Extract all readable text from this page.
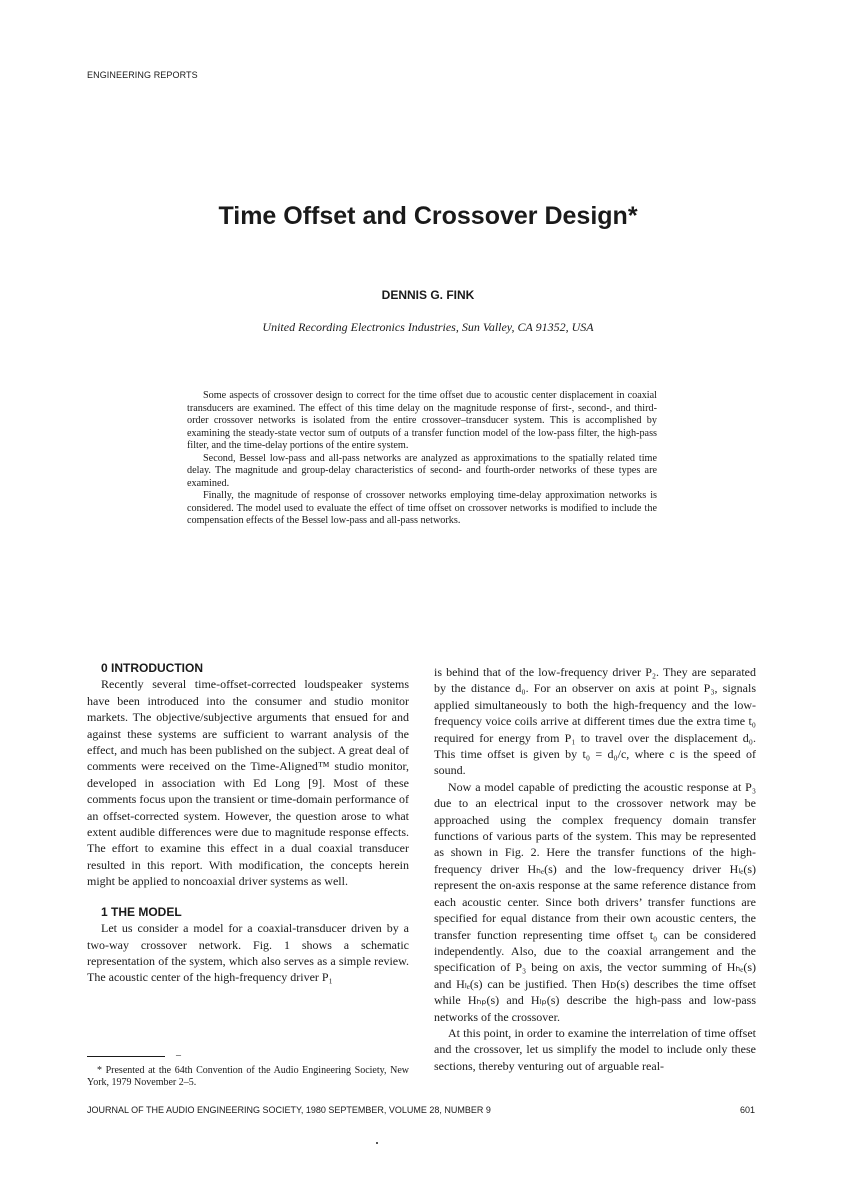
ENGINEERING REPORTS
Time Offset and Crossover Design*
DENNIS G. FINK
United Recording Electronics Industries, Sun Valley, CA 91352, USA

Some aspects of crossover design to correct for the time offset due to acoustic center displacement in coaxial transducers are examined. The effect of this time delay on the magnitude response of first-, second-, and third-order crossover networks is isolated from the entire crossover–transducer system. This is accomplished by examining the steady-state vector sum of outputs of a transfer function model of the low-pass filter, the high-pass filter, and the time-delay portions of the entire system.

Second, Bessel low-pass and all-pass networks are analyzed as approximations to the spatially related time delay. The magnitude and group-delay characteristics of second- and fourth-order networks of these types are examined.

Finally, the magnitude of response of crossover networks employing time-delay approximation networks is considered. The model used to evaluate the effect of time offset on crossover networks is modified to include the compensation effects of the Bessel low-pass and all-pass networks.

0 INTRODUCTION

Recently several time-offset-corrected loudspeaker systems have been introduced into the consumer and studio monitor markets. The objective/subjective arguments that ensued for and against these systems are sufficient to warrant analysis of the effect, and much has been published on the subject. A great deal of comments were received on the Time-Aligned™ studio monitor, developed in association with Ed Long [9]. Most of these comments focus upon the transient or time-domain performance of an offset-corrected system. However, the question arose to what extent audible differences were due to magnitude response effects. The effort to examine this effect in a dual coaxial transducer resulted in this report. With modification, the concepts herein might be applied to noncoaxial driver systems as well.

1 THE MODEL

Let us consider a model for a coaxial-transducer driven by a two-way crossover network. Fig. 1 shows a schematic representation of the system, which also serves as a simple review. The acoustic center of the high-frequency driver P₁

is behind that of the low-frequency driver P₂. They are separated by the distance d₀. For an observer on axis at point P₃, signals applied simultaneously to both the high-frequency and the low-frequency voice coils arrive at different times due the extra time t₀ required for energy from P₁ to travel over the displacement d₀. This time offset is given by t₀ = d₀/c, where c is the speed of sound.

Now a model capable of predicting the acoustic response at P₃ due to an electrical input to the crossover network may be approached using the complex frequency domain transfer functions of various parts of the system. This may be represented as shown in Fig. 2. Here the transfer functions of the high-frequency driver Hₕₑ(s) and the low-frequency driver Hₗₑ(s) represent the on-axis response at the same reference distance from each acoustic center. Since both drivers’ transfer functions are specified for equal distance from their own acoustic centers, the transfer function representing time offset t₀ can be considered independently. Also, due to the coaxial arrangement and the specification of P₃ being on axis, the vector summing of Hₕₑ(s) and Hₗₑ(s) can be justified. Then Hᴅ(s) describes the time offset while Hₕₚ(s) and Hₗₚ(s) describe the high-pass and low-pass networks of the crossover.

At this point, in order to examine the interrelation of time offset and the crossover, let us simplify the model to include only these sections, thereby venturing out of arguable real-

–
* Presented at the 64th Convention of the Audio Engineering Society, New York, 1979 November 2–5.
JOURNAL OF THE AUDIO ENGINEERING SOCIETY, 1980 SEPTEMBER, VOLUME 28, NUMBER 9	601
